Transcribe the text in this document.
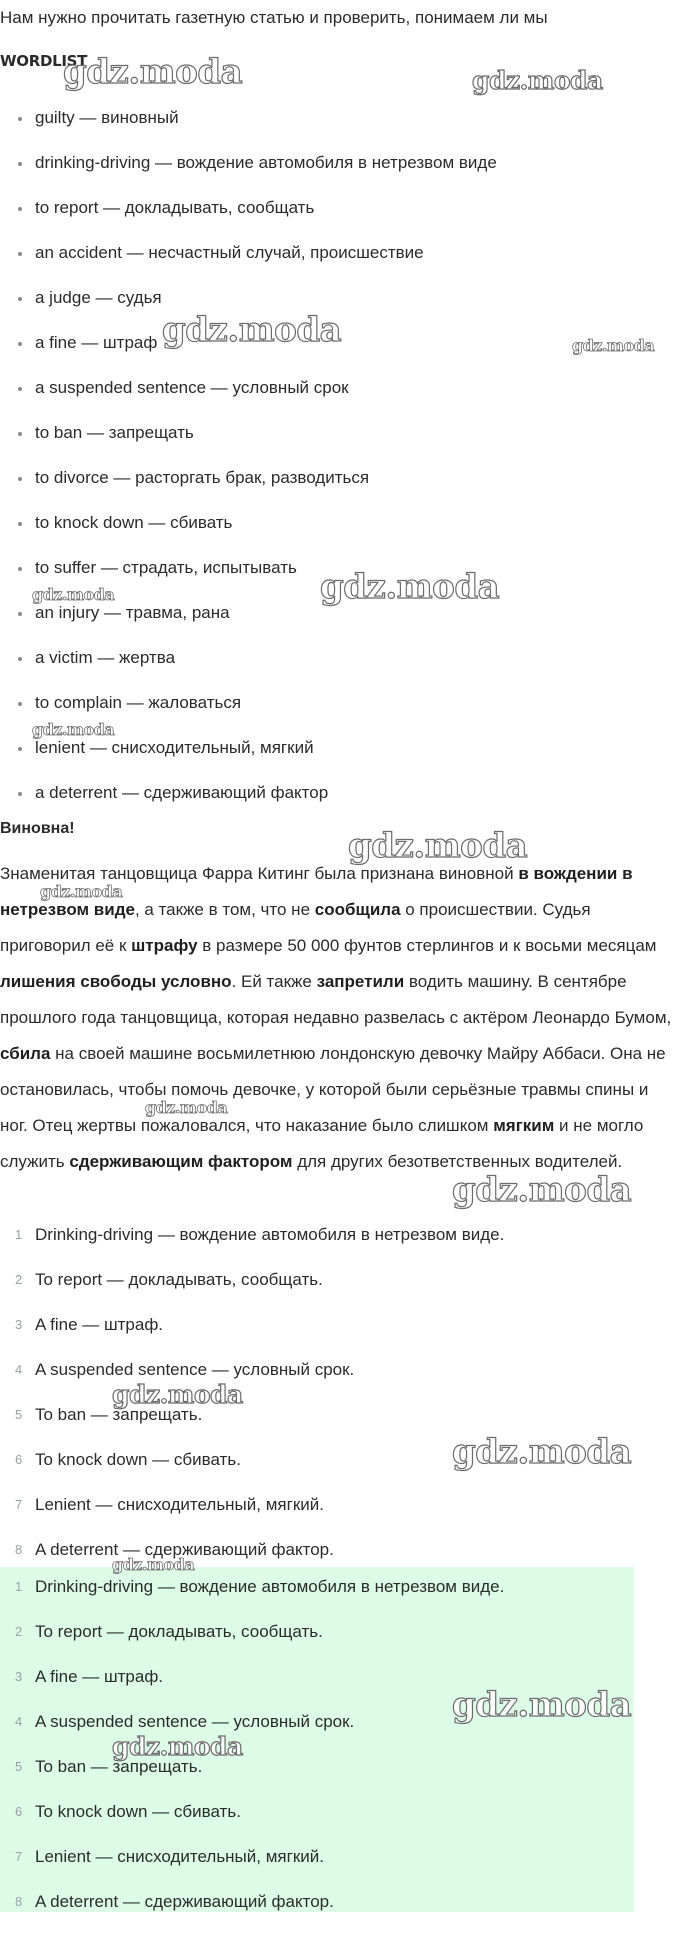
Нам нужно прочитать газетную статью и проверить, понимаем ли мы
WORDLIST
guilty — виновный
drinking-driving — вождение автомобиля в нетрезвом виде
to report — докладывать, сообщать
an accident — несчастный случай, происшествие
a judge — судья
a fine — штраф
a suspended sentence — условный срок
to ban — запрещать
to divorce — расторгать брак, разводиться
to knock down — сбивать
to suffer — страдать, испытывать
an injury — травма, рана
a victim — жертва
to complain — жаловаться
lenient — снисходительный, мягкий
a deterrent — сдерживающий фактор
Виновна!
Знаменитая танцовщица Фарра Китинг была признана виновной в вождении в нетрезвом виде, а также в том, что не сообщила о происшествии. Судья приговорил её к штрафу в размере 50 000 фунтов стерлингов и к восьми месяцам лишения свободы условно. Ей также запретили водить машину. В сентябре прошлого года танцовщица, которая недавно развелась с актёром Леонардо Бумом, сбила на своей машине восьмилетнюю лондонскую девочку Майру Аббаси. Она не остановилась, чтобы помочь девочке, у которой были серьёзные травмы спины и ног. Отец жертвы пожаловался, что наказание было слишком мягким и не могло служить сдерживающим фактором для других безответственных водителей.
1 Drinking-driving — вождение автомобиля в нетрезвом виде.
2 To report — докладывать, сообщать.
3 A fine — штраф.
4 A suspended sentence — условный срок.
5 To ban — запрещать.
6 To knock down — сбивать.
7 Lenient — снисходительный, мягкий.
8 A deterrent — сдерживающий фактор.
1 Drinking-driving — вождение автомобиля в нетрезвом виде.
2 To report — докладывать, сообщать.
3 A fine — штраф.
4 A suspended sentence — условный срок.
5 To ban — запрещать.
6 To knock down — сбивать.
7 Lenient — снисходительный, мягкий.
8 A deterrent — сдерживающий фактор.
gdz.moda	gdz.moda
gdz.moda	gdz.moda
gdz.moda
gdz.moda
gdz.moda
gdz.moda
gdz.moda
gdz.moda
gdz.moda
gdz.moda
gdz.moda
gdz.moda
gdz.moda
gdz.moda
